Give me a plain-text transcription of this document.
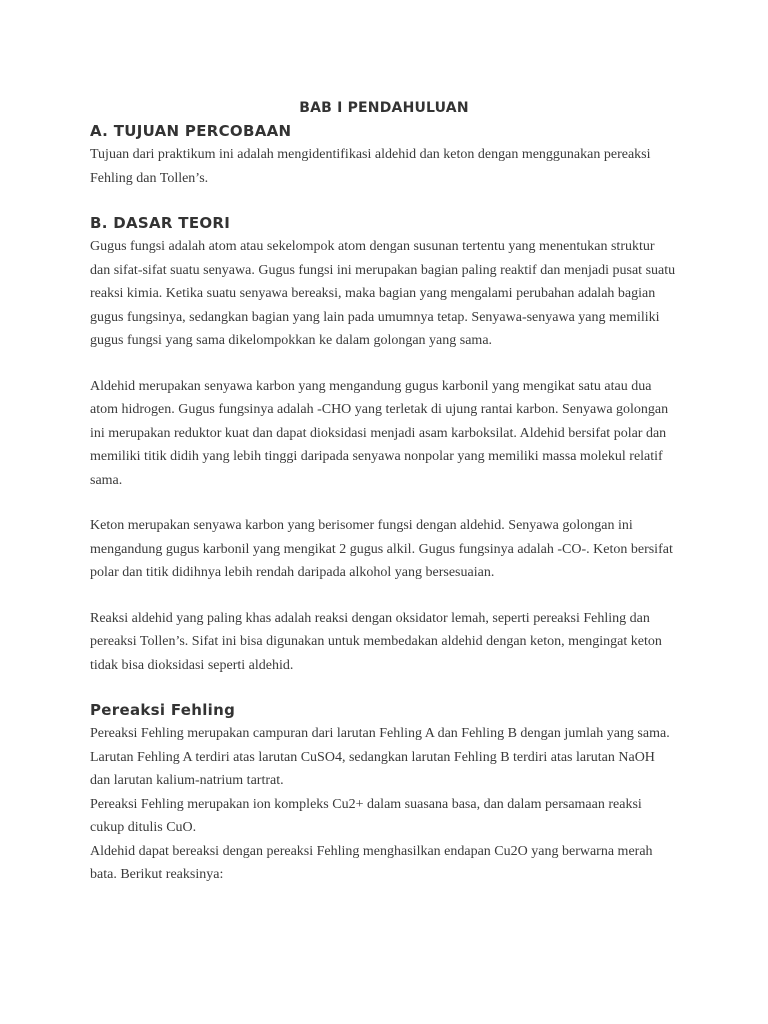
BAB I PENDAHULUAN
A. TUJUAN PERCOBAAN

Tujuan dari praktikum ini adalah mengidentifikasi aldehid dan keton dengan menggunakan pereaksi Fehling dan Tollen’s.

B. DASAR TEORI

Gugus fungsi adalah atom atau sekelompok atom dengan susunan tertentu yang menentukan struktur dan sifat-sifat suatu senyawa. Gugus fungsi ini merupakan bagian paling reaktif dan menjadi pusat suatu reaksi kimia. Ketika suatu senyawa bereaksi, maka bagian yang mengalami perubahan adalah bagian gugus fungsinya, sedangkan bagian yang lain pada umumnya tetap. Senyawa-senyawa yang memiliki gugus fungsi yang sama dikelompokkan ke dalam golongan yang sama.

Aldehid merupakan senyawa karbon yang mengandung gugus karbonil yang mengikat satu atau dua atom hidrogen. Gugus fungsinya adalah -CHO yang terletak di ujung rantai karbon. Senyawa golongan ini merupakan reduktor kuat dan dapat dioksidasi menjadi asam karboksilat. Aldehid bersifat polar dan memiliki titik didih yang lebih tinggi daripada senyawa nonpolar yang memiliki massa molekul relatif sama.

Keton merupakan senyawa karbon yang berisomer fungsi dengan aldehid. Senyawa golongan ini mengandung gugus karbonil yang mengikat 2 gugus alkil. Gugus fungsinya adalah -CO-. Keton bersifat polar dan titik didihnya lebih rendah daripada alkohol yang bersesuaian.

Reaksi aldehid yang paling khas adalah reaksi dengan oksidator lemah, seperti pereaksi Fehling dan pereaksi Tollen’s. Sifat ini bisa digunakan untuk membedakan aldehid dengan keton, mengingat keton tidak bisa dioksidasi seperti aldehid.

Pereaksi Fehling

Pereaksi Fehling merupakan campuran dari larutan Fehling A dan Fehling B dengan jumlah yang sama. Larutan Fehling A terdiri atas larutan CuSO4, sedangkan larutan Fehling B terdiri atas larutan NaOH dan larutan kalium-natrium tartrat.

Pereaksi Fehling merupakan ion kompleks Cu2+ dalam suasana basa, dan dalam persamaan reaksi cukup ditulis CuO.

Aldehid dapat bereaksi dengan pereaksi Fehling menghasilkan endapan Cu2O yang berwarna merah bata. Berikut reaksinya:
